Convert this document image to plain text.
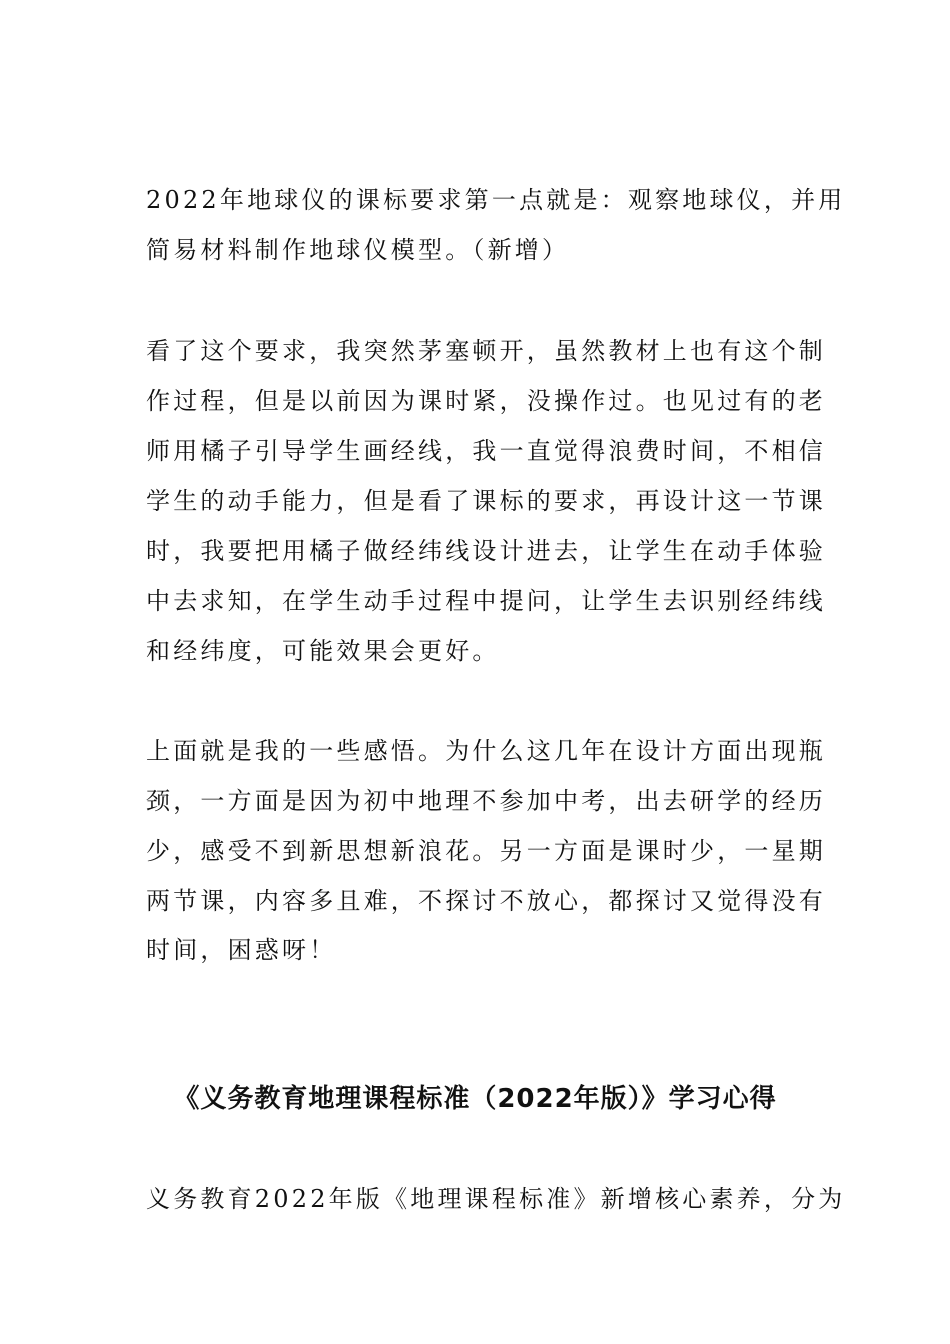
2022年地球仪的课标要求第一点就是：观察地球仪，并用
简易材料制作地球仪模型。（新增）
看了这个要求，我突然茅塞顿开，虽然教材上也有这个制
作过程，但是以前因为课时紧，没操作过。也见过有的老
师用橘子引导学生画经线，我一直觉得浪费时间，不相信
学生的动手能力，但是看了课标的要求，再设计这一节课
时，我要把用橘子做经纬线设计进去，让学生在动手体验
中去求知，在学生动手过程中提问，让学生去识别经纬线
和经纬度，可能效果会更好。
上面就是我的一些感悟。为什么这几年在设计方面出现瓶
颈，一方面是因为初中地理不参加中考，出去研学的经历
少，感受不到新思想新浪花。另一方面是课时少，一星期
两节课，内容多且难，不探讨不放心，都探讨又觉得没有
时间，困惑呀！
《义务教育地理课程标准（2022年版）》学习心得
义务教育2022年版《地理课程标准》新增核心素养，分为
